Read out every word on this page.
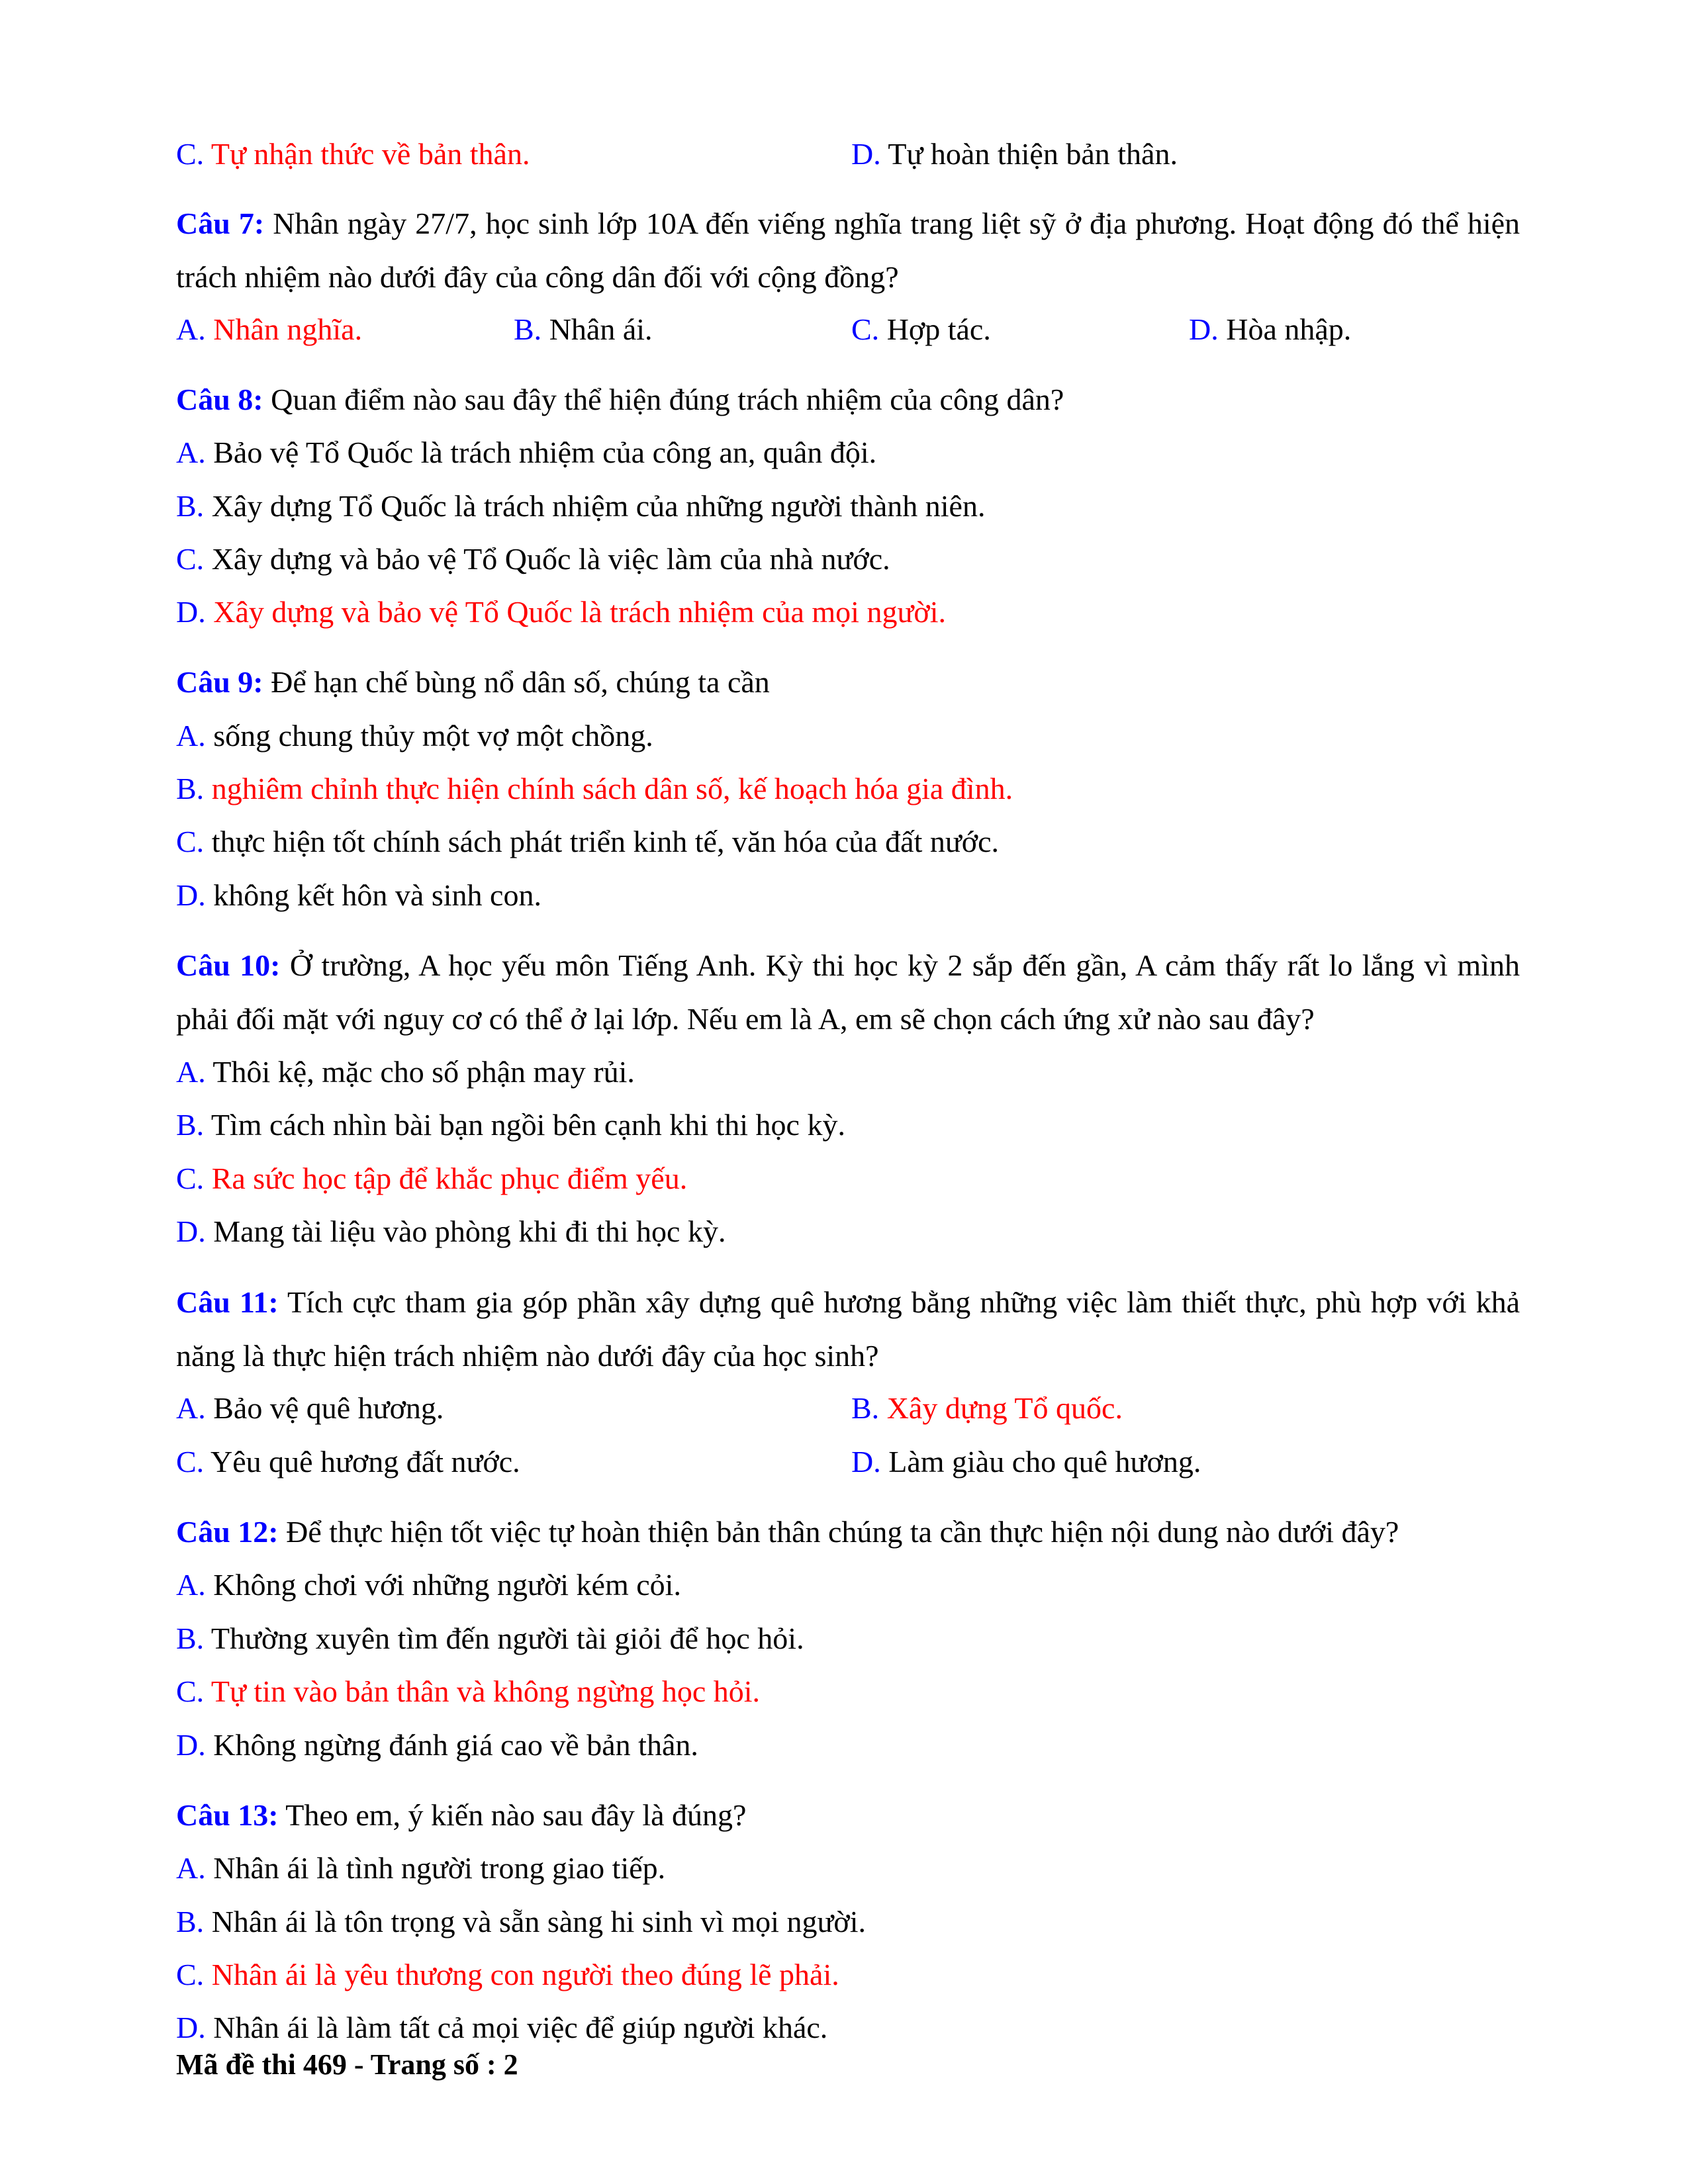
C. Tự nhận thức về bản thân.	D. Tự hoàn thiện bản thân.
Câu 7: Nhân ngày 27/7, học sinh lớp 10A đến viếng nghĩa trang liệt sỹ ở địa phương. Hoạt động đó thể hiện trách nhiệm nào dưới đây của công dân đối với cộng đồng?
A. Nhân nghĩa.	B. Nhân ái.	C. Hợp tác.	D. Hòa nhập.
Câu 8: Quan điểm nào sau đây thể hiện đúng trách nhiệm của công dân?
A. Bảo vệ Tổ Quốc là trách nhiệm của công an, quân đội.
B. Xây dựng Tổ Quốc là trách nhiệm của những người thành niên.
C. Xây dựng và bảo vệ Tổ Quốc là việc làm của nhà nước.
D. Xây dựng và bảo vệ Tổ Quốc là trách nhiệm của mọi người.
Câu 9: Để hạn chế bùng nổ dân số, chúng ta cần
A. sống chung thủy một vợ một chồng.
B. nghiêm chỉnh thực hiện chính sách dân số, kế hoạch hóa gia đình.
C. thực hiện tốt chính sách phát triển kinh tế, văn hóa của đất nước.
D. không kết hôn và sinh con.
Câu 10: Ở trường, A học yếu môn Tiếng Anh. Kỳ thi học kỳ 2 sắp đến gần, A cảm thấy rất lo lắng vì mình phải đối mặt với nguy cơ có thể ở lại lớp. Nếu em là A, em sẽ chọn cách ứng xử nào sau đây?
A. Thôi kệ, mặc cho số phận may rủi.
B. Tìm cách nhìn bài bạn ngồi bên cạnh khi thi học kỳ.
C. Ra sức học tập để khắc phục điểm yếu.
D. Mang tài liệu vào phòng khi đi thi học kỳ.
Câu 11: Tích cực tham gia góp phần xây dựng quê hương bằng những việc làm thiết thực, phù hợp với khả năng là thực hiện trách nhiệm nào dưới đây của học sinh?
A. Bảo vệ quê hương.	B. Xây dựng Tổ quốc.
C. Yêu quê hương đất nước.	D. Làm giàu cho quê hương.
Câu 12: Để thực hiện tốt việc tự hoàn thiện bản thân chúng ta cần thực hiện nội dung nào dưới đây?
A. Không chơi với những người kém cỏi.
B. Thường xuyên tìm đến người tài giỏi để học hỏi.
C. Tự tin vào bản thân và không ngừng học hỏi.
D. Không ngừng đánh giá cao về bản thân.
Câu 13: Theo em, ý kiến nào sau đây là đúng?
A. Nhân ái là tình người trong giao tiếp.
B. Nhân ái là tôn trọng và sẵn sàng hi sinh vì mọi người.
C. Nhân ái là yêu thương con người theo đúng lẽ phải.
D. Nhân ái là làm tất cả mọi việc để giúp người khác.
Mã đề thi 469 - Trang số : 2
